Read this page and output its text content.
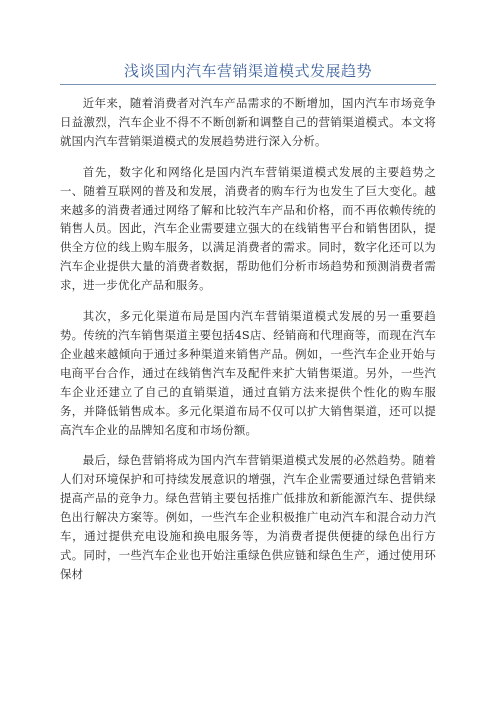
浅谈国内汽车营销渠道模式发展趋势

近年来，随着消费者对汽车产品需求的不断增加，国内汽车市场竞争日益激烈，汽车企业不得不不断创新和调整自己的营销渠道模式。本文将就国内汽车营销渠道模式的发展趋势进行深入分析。

首先，数字化和网络化是国内汽车营销渠道模式发展的主要趋势之一、随着互联网的普及和发展，消费者的购车行为也发生了巨大变化。越来越多的消费者通过网络了解和比较汽车产品和价格，而不再依赖传统的销售人员。因此，汽车企业需要建立强大的在线销售平台和销售团队，提供全方位的线上购车服务，以满足消费者的需求。同时，数字化还可以为汽车企业提供大量的消费者数据，帮助他们分析市场趋势和预测消费者需求，进一步优化产品和服务。

其次，多元化渠道布局是国内汽车营销渠道模式发展的另一重要趋势。传统的汽车销售渠道主要包括4S店、经销商和代理商等，而现在汽车企业越来越倾向于通过多种渠道来销售产品。例如，一些汽车企业开始与电商平台合作，通过在线销售汽车及配件来扩大销售渠道。另外，一些汽车企业还建立了自己的直销渠道，通过直销方法来提供个性化的购车服务，并降低销售成本。多元化渠道布局不仅可以扩大销售渠道，还可以提高汽车企业的品牌知名度和市场份额。

最后，绿色营销将成为国内汽车营销渠道模式发展的必然趋势。随着人们对环境保护和可持续发展意识的增强，汽车企业需要通过绿色营销来提高产品的竞争力。绿色营销主要包括推广低排放和新能源汽车、提供绿色出行解决方案等。例如，一些汽车企业积极推广电动汽车和混合动力汽车，通过提供充电设施和换电服务等，为消费者提供便捷的绿色出行方式。同时，一些汽车企业也开始注重绿色供应链和绿色生产，通过使用环保材
